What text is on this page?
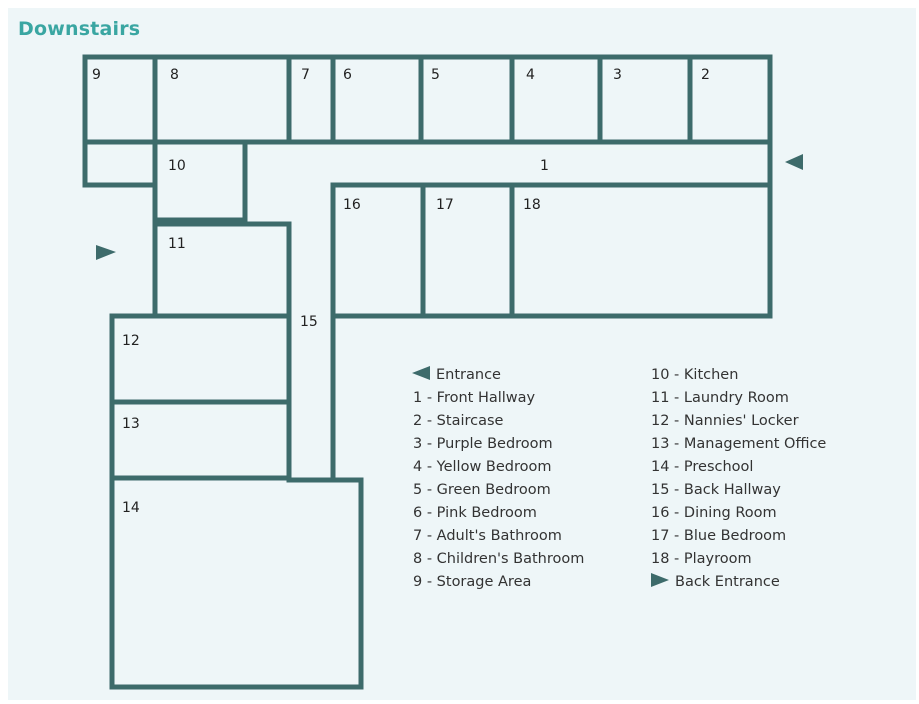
Downstairs
9	8	7 6	5	4	3	2
1
10
16	17	18
11
15
12
13
14
Entrance
1 - Front Hallway
2 - Staircase
3 - Purple Bedroom
4 - Yellow Bedroom
5 - Green Bedroom
6 - Pink Bedroom
7 - Adult's Bathroom
8 - Children's Bathroom
9 - Storage Area
10 - Kitchen
11 - Laundry Room
12 - Nannies' Locker
13 - Management Office
14 - Preschool
15 - Back Hallway
16 - Dining Room
17 - Blue Bedroom
18 - Playroom
Back Entrance
